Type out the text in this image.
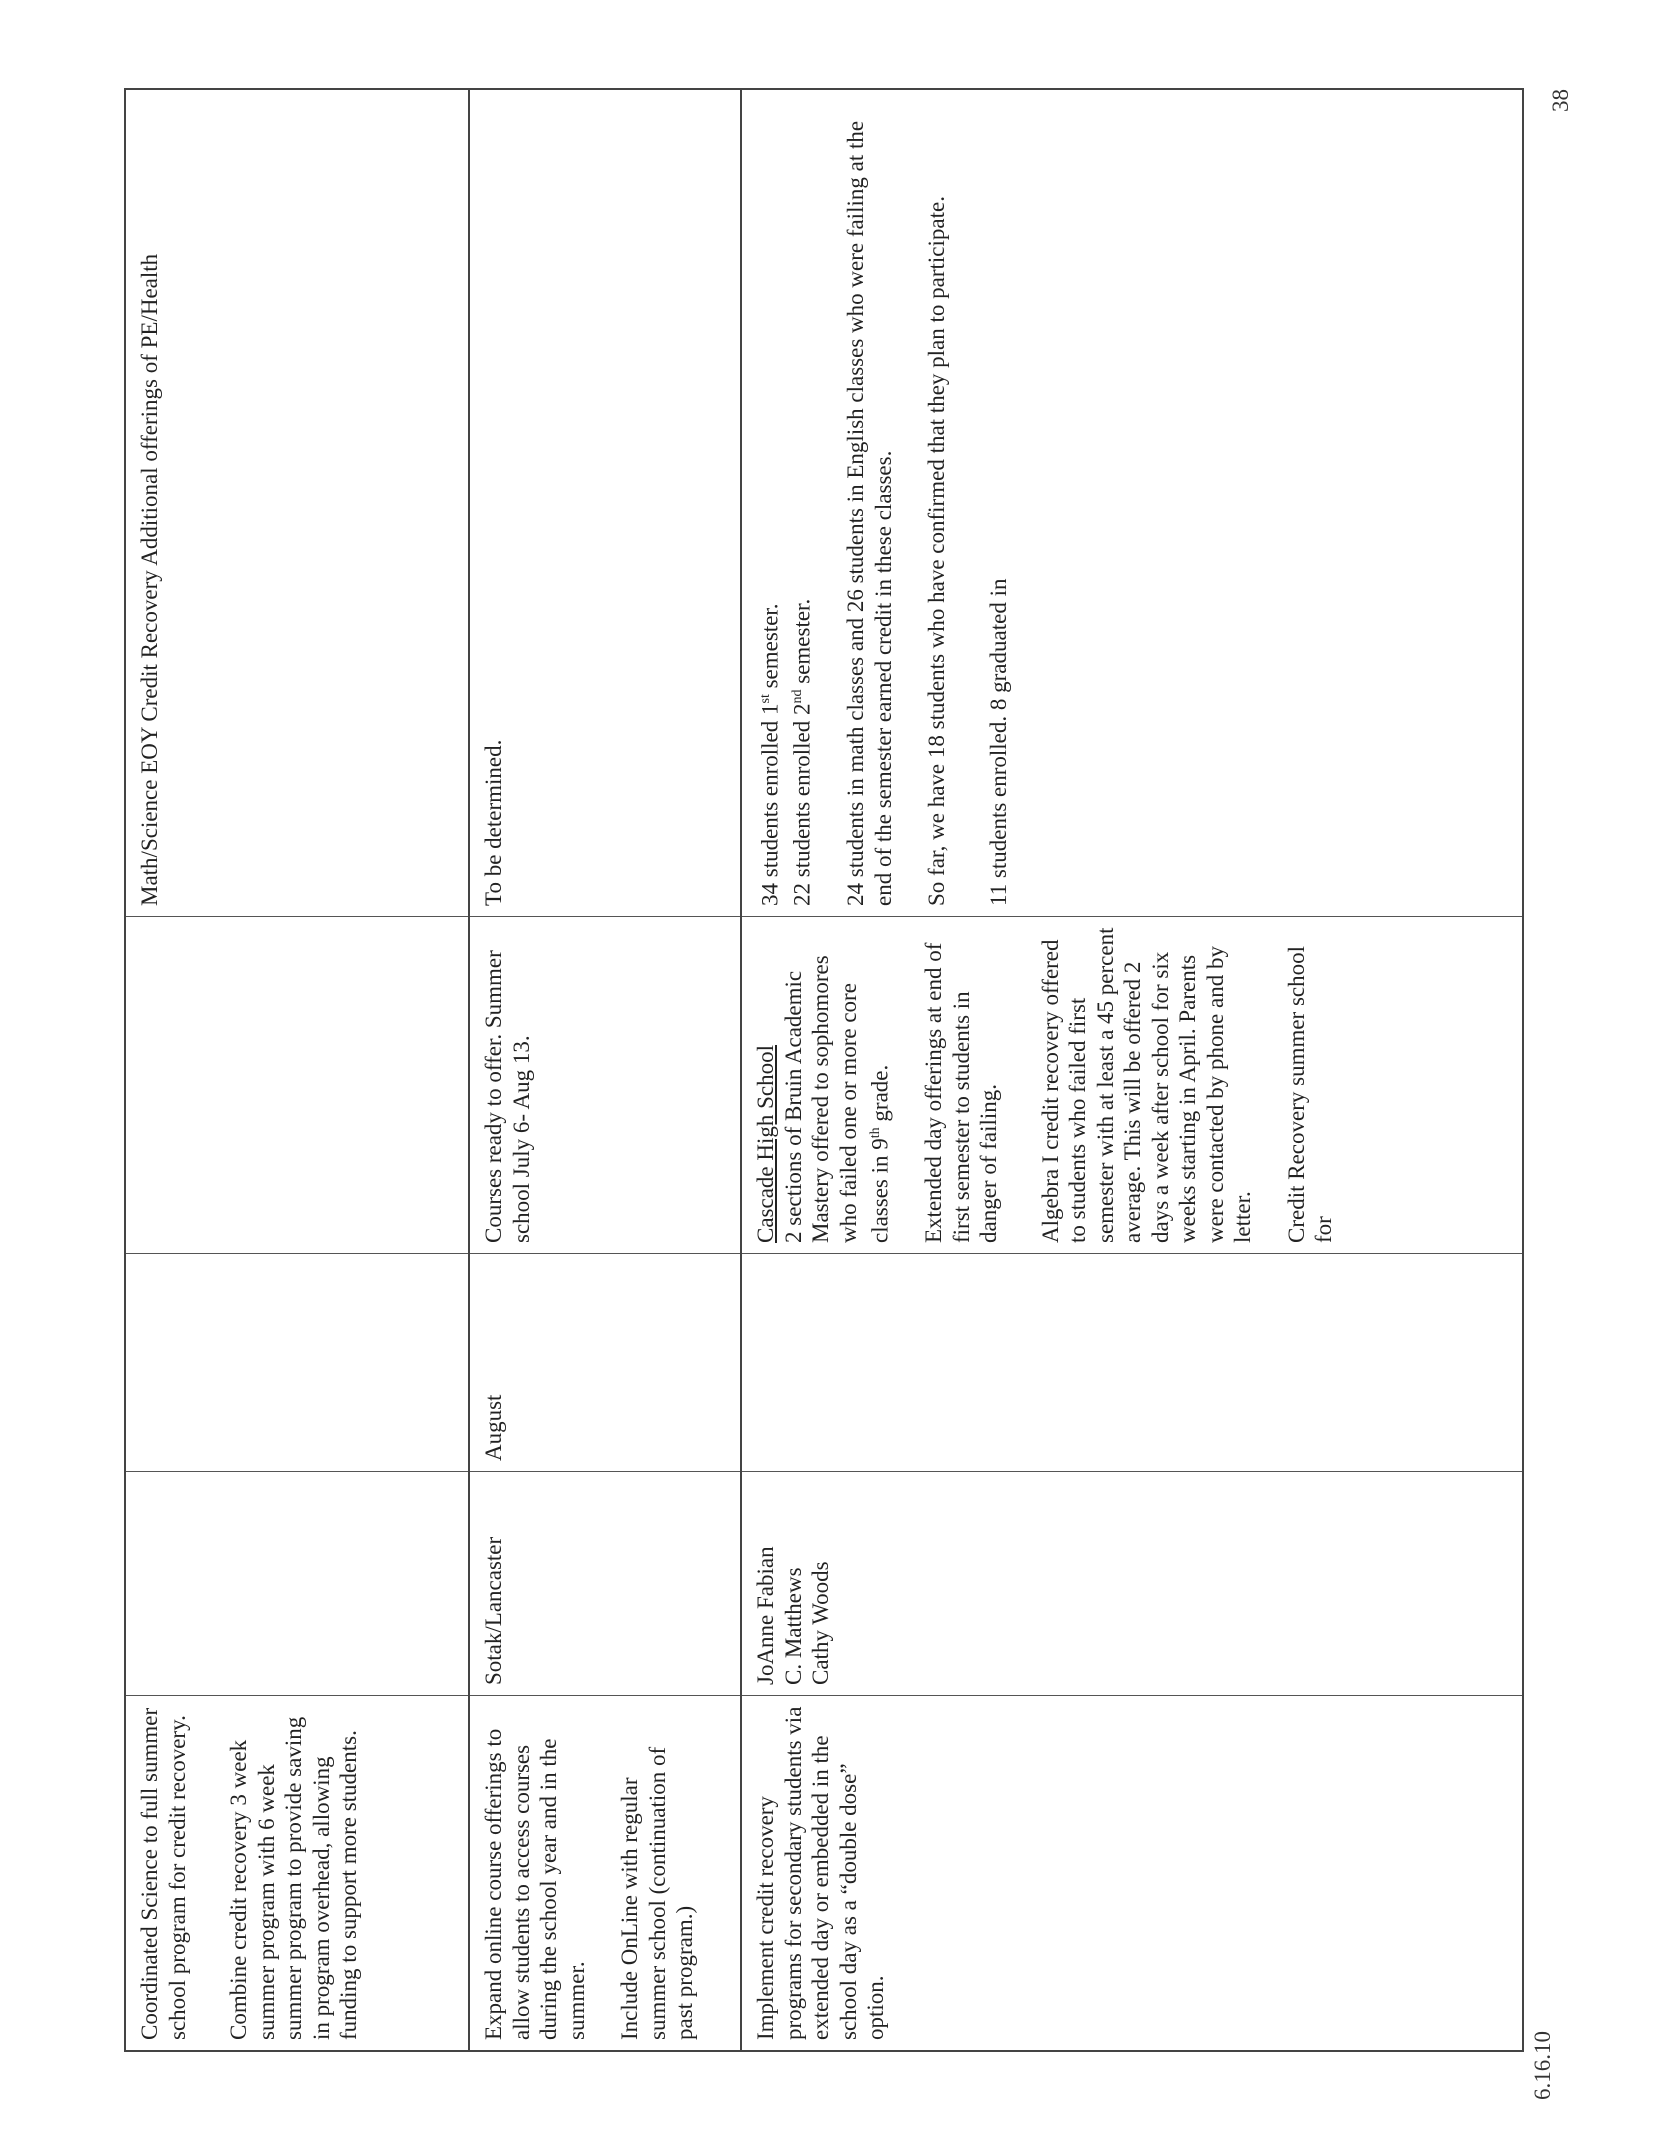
38
6.16.10
Coordinated Science to full summer school program for credit recovery. Combine credit recovery 3 week summer program with 6 week summer program to provide saving in program overhead, allowing funding to support more students.
Math/Science EOY Credit Recovery Additional offerings of PE/Health
Expand online course offerings to allow students to access courses during the school year and in the summer. Include OnLine with regular summer school (continuation of past program.)
Sotak/Lancaster
August
Courses ready to offer. Summer school July 6- Aug 13.
To be determined.
Implement credit recovery programs for secondary students via extended day or embedded in the school day as a “double dose” option.
JoAnne Fabian C. Matthews Cathy Woods
Cascade High School 2 sections of Bruin Academic Mastery offered to sophomores who failed one or more core classes in 9th grade. Extended day offerings at end of first semester to students in danger of failing. Algebra I credit recovery offered to students who failed first semester with at least a 45 percent average. This will be offered 2 days a week after school for six weeks starting in April. Parents were contacted by phone and by letter. Credit Recovery summer school for
34 students enrolled 1st semester.
22 students enrolled 2nd semester. 24 students in math classes and 26 students in English classes who were failing at the end of the semester earned credit in these classes. So far, we have 18 students who have confirmed that they plan to participate. 11 students enrolled. 8 graduated in
